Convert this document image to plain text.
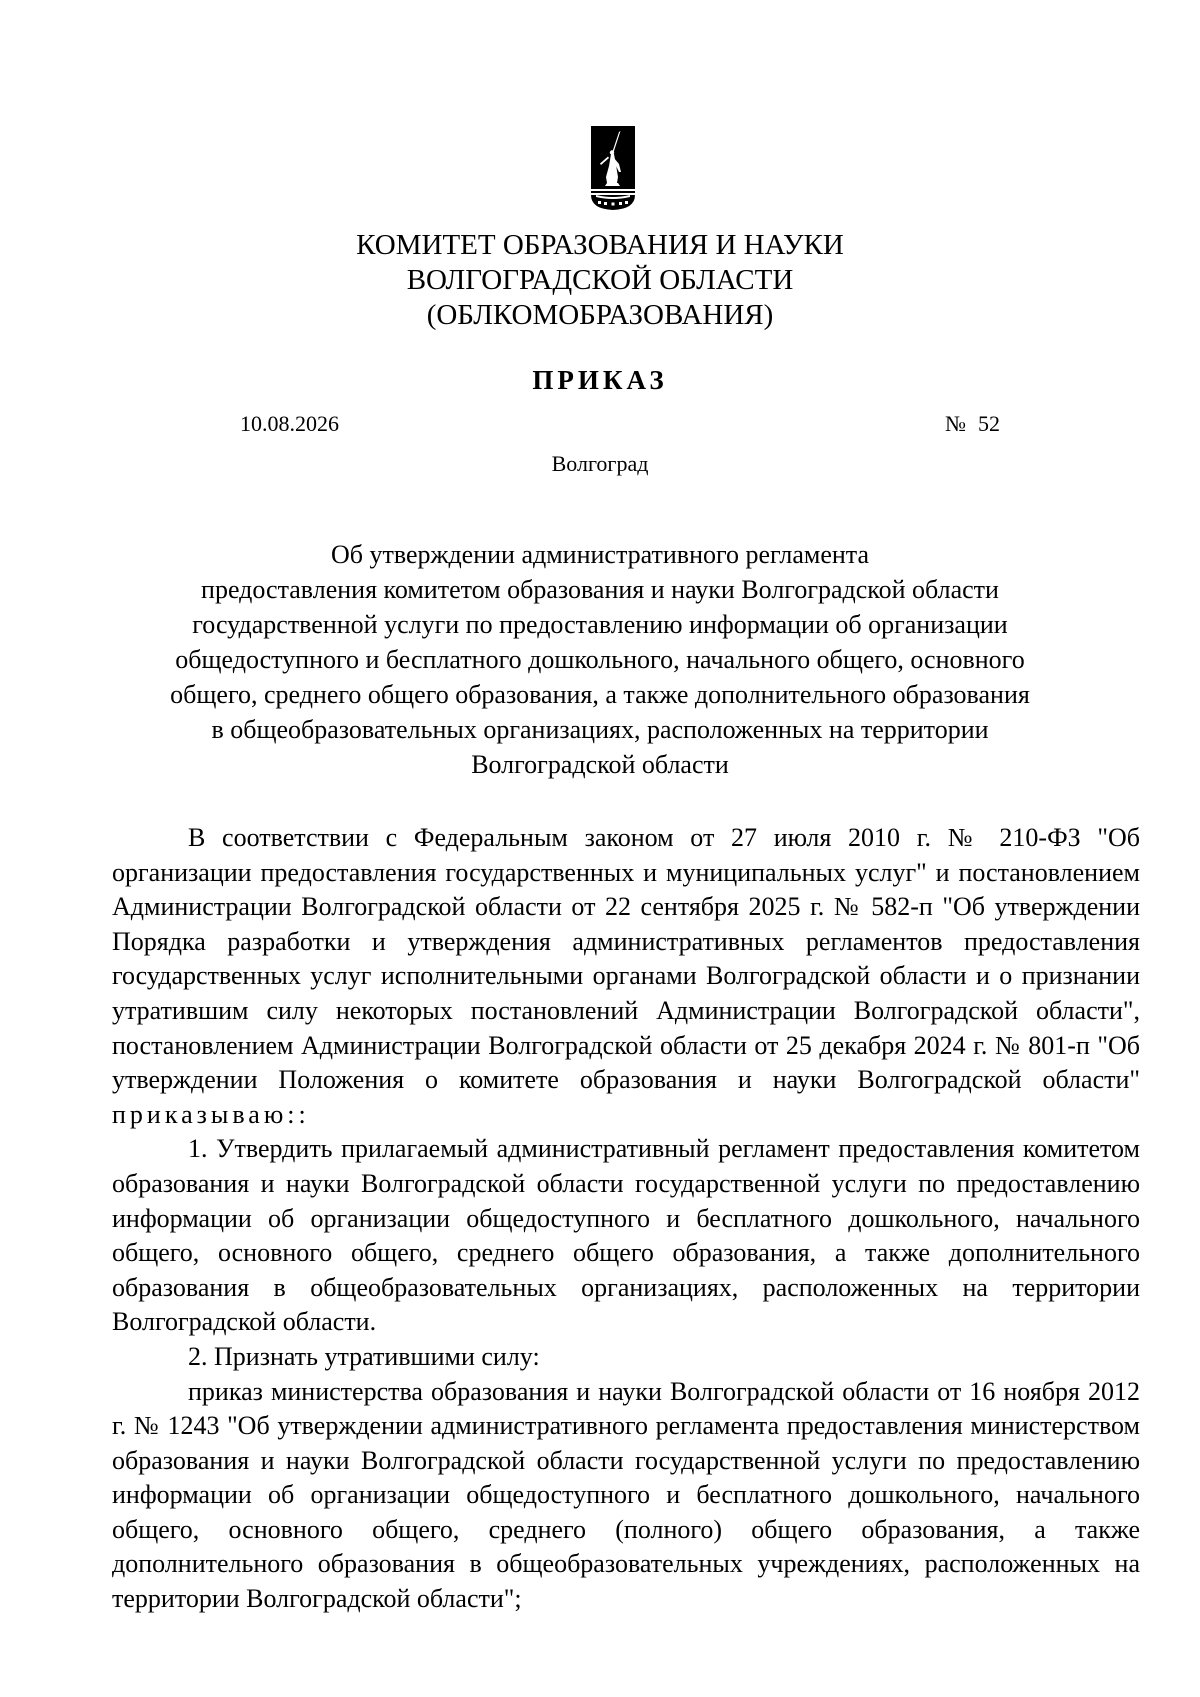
КОМИТЕТ ОБРАЗОВАНИЯ И НАУКИ
ВОЛГОГРАДСКОЙ ОБЛАСТИ
(ОБЛКОМОБРАЗОВАНИЯ)
ПРИКАЗ
10.08.2026	№ 52
Волгоград
Об утверждении административного регламента
предоставления комитетом образования и науки Волгоградской области
государственной услуги по предоставлению информации об организации
общедоступного и бесплатного дошкольного, начального общего, основного
общего, среднего общего образования, а также дополнительного образования
в общеобразовательных организациях, расположенных на территории
Волгоградской области

В соответствии с Федеральным законом от 27 июля 2010 г. № 210-ФЗ "Об организации предоставления государственных и муниципальных услуг" и постановлением Администрации Волгоградской области от 22 сентября 2025 г. № 582-п "Об утверждении Порядка разработки и утверждения административных регламентов предоставления государственных услуг исполнительными органами Волгоградской области и о признании утратившим силу некоторых постановлений Администрации Волгоградской области", постановлением Администрации Волгоградской области от 25 декабря 2024 г. № 801-п "Об утверждении Положения о комитете образования и науки Волгоградской области" приказываю::

1. Утвердить прилагаемый административный регламент предоставления комитетом образования и науки Волгоградской области государственной услуги по предоставлению информации об организации общедоступного и бесплатного дошкольного, начального общего, основного общего, среднего общего образования, а также дополнительного образования в общеобразовательных организациях, расположенных на территории Волгоградской области.

2. Признать утратившими силу:

приказ министерства образования и науки Волгоградской области от 16 ноября 2012 г. № 1243 "Об утверждении административного регламента предоставления министерством образования и науки Волгоградской области государственной услуги по предоставлению информации об организации общедоступного и бесплатного дошкольного, начального общего, основного общего, среднего (полного) общего образования, а также дополнительного образования в общеобразовательных учреждениях, расположенных на территории Волгоградской области";
